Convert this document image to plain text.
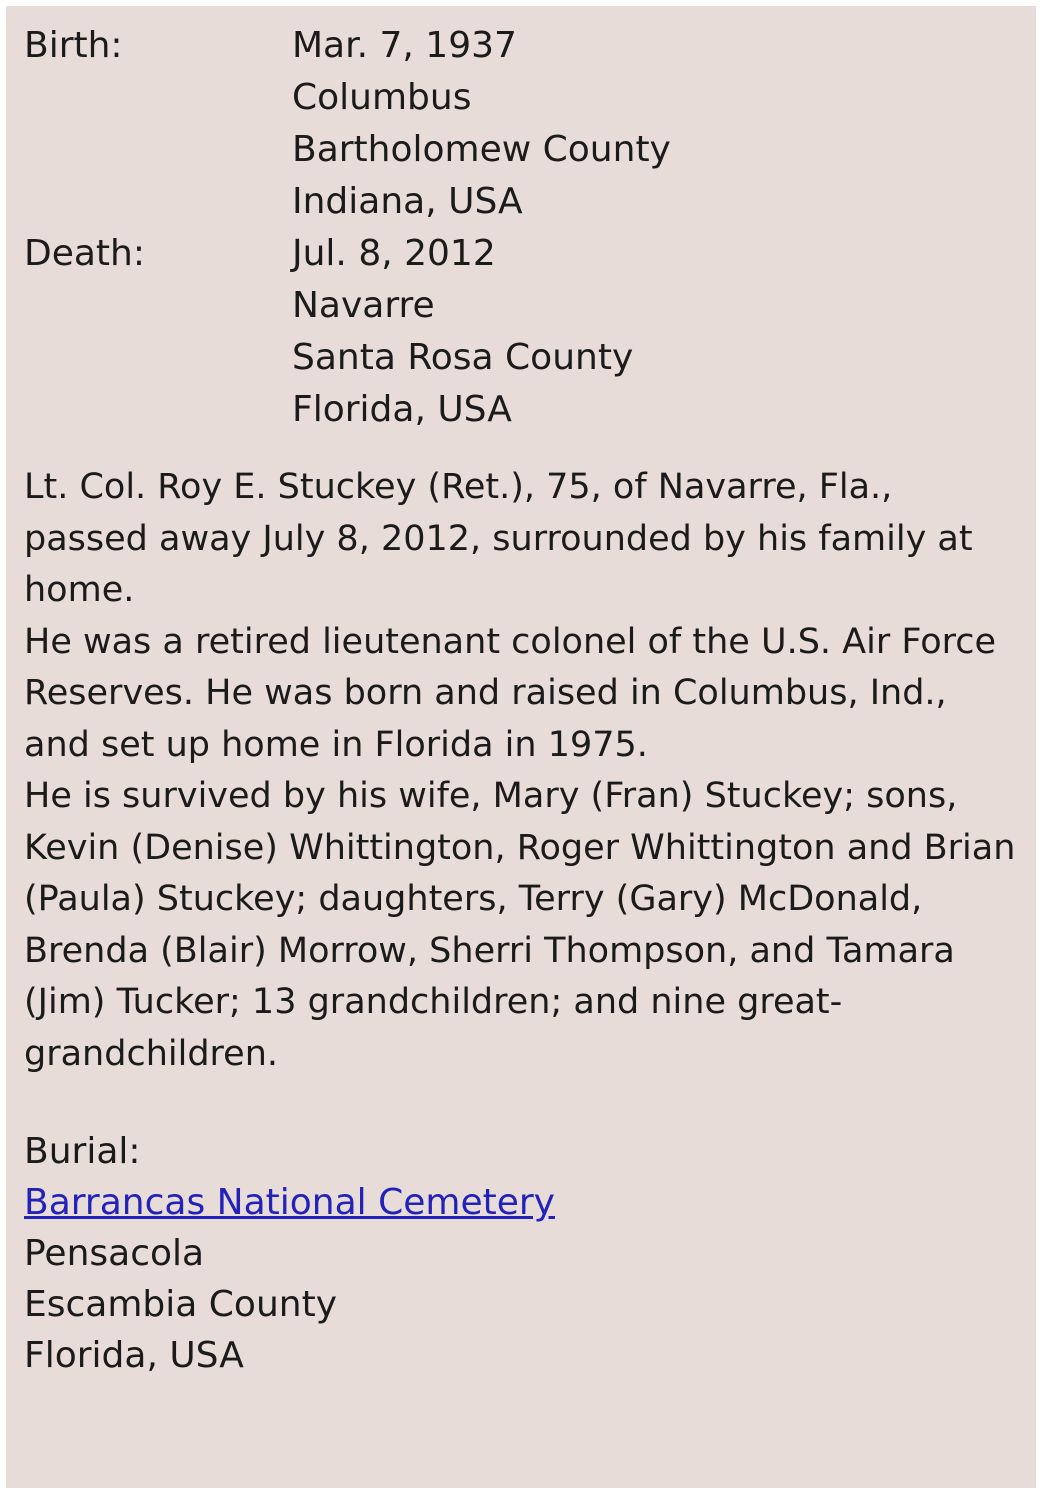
Birth:	Mar. 7, 1937
Columbus
Bartholomew County
Indiana, USA

Death:	Jul. 8, 2012
Navarre
Santa Rosa County
Florida, USA

Lt. Col. Roy E. Stuckey (Ret.), 75, of Navarre, Fla., passed away July 8, 2012, surrounded by his family at home.

He was a retired lieutenant colonel of the U.S. Air Force Reserves. He was born and raised in Columbus, Ind., and set up home in Florida in 1975.

He is survived by his wife, Mary (Fran) Stuckey; sons, Kevin (Denise) Whittington, Roger Whittington and Brian (Paula) Stuckey; daughters, Terry (Gary) McDonald, Brenda (Blair) Morrow, Sherri Thompson, and Tamara (Jim) Tucker; 13 grandchildren; and nine great- grandchildren.

Burial:
Barrancas National Cemetery
Pensacola
Escambia County
Florida, USA
